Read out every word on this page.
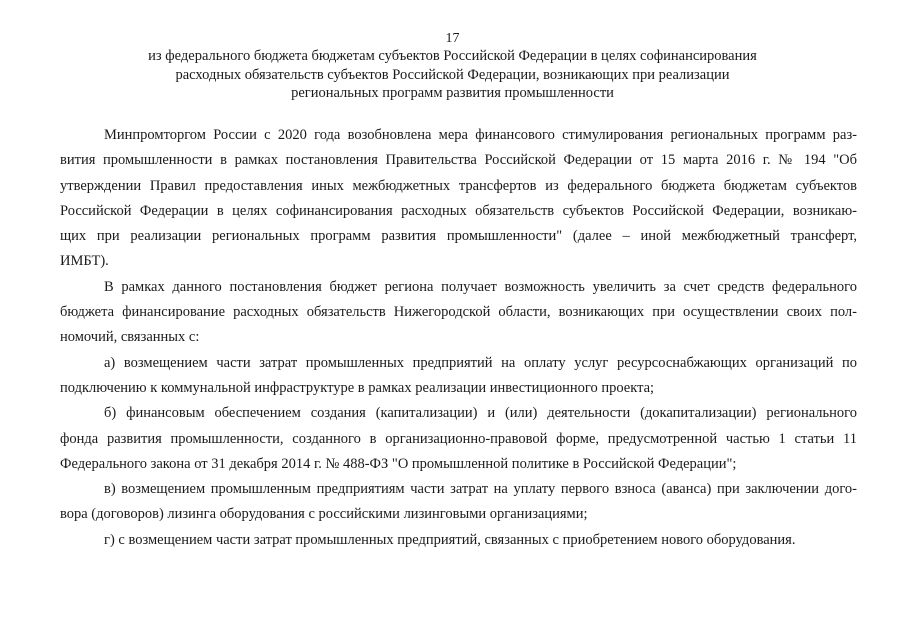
17
из федерального бюджета бюджетам субъектов Российской Федерации в целях софинансирования
расходных обязательств субъектов Российской Федерации, возникающих при реализации
региональных программ развития промышленности
Минпромторгом России с 2020 года возобновлена мера финансового стимулирования региональных программ раз-
вития промышленности в рамках постановления Правительства Российской Федерации от 15 марта 2016 г. № 194 "Об
утверждении Правил предоставления иных межбюджетных трансфертов из федерального бюджета бюджетам субъектов
Российской Федерации в целях софинансирования расходных обязательств субъектов Российской Федерации, возникаю-
щих при реализации региональных программ развития промышленности" (далее – иной межбюджетный трансферт,
ИМБТ).
В рамках данного постановления бюджет региона получает возможность увеличить за счет средств федерального
бюджета финансирование расходных обязательств Нижегородской области, возникающих при осуществлении своих пол-
номочий, связанных с:
а) возмещением части затрат промышленных предприятий на оплату услуг ресурсоснабжающих организаций по
подключению к коммунальной инфраструктуре в рамках реализации инвестиционного проекта;
б) финансовым обеспечением создания (капитализации) и (или) деятельности (докапитализации) регионального
фонда развития промышленности, созданного в организационно-правовой форме, предусмотренной частью 1 статьи 11
Федерального закона от 31 декабря 2014 г. № 488-ФЗ "О промышленной политике в Российской Федерации";
в) возмещением промышленным предприятиям части затрат на уплату первого взноса (аванса) при заключении дого-
вора (договоров) лизинга оборудования с российскими лизинговыми организациями;
г) с возмещением части затрат промышленных предприятий, связанных с приобретением нового оборудования.
